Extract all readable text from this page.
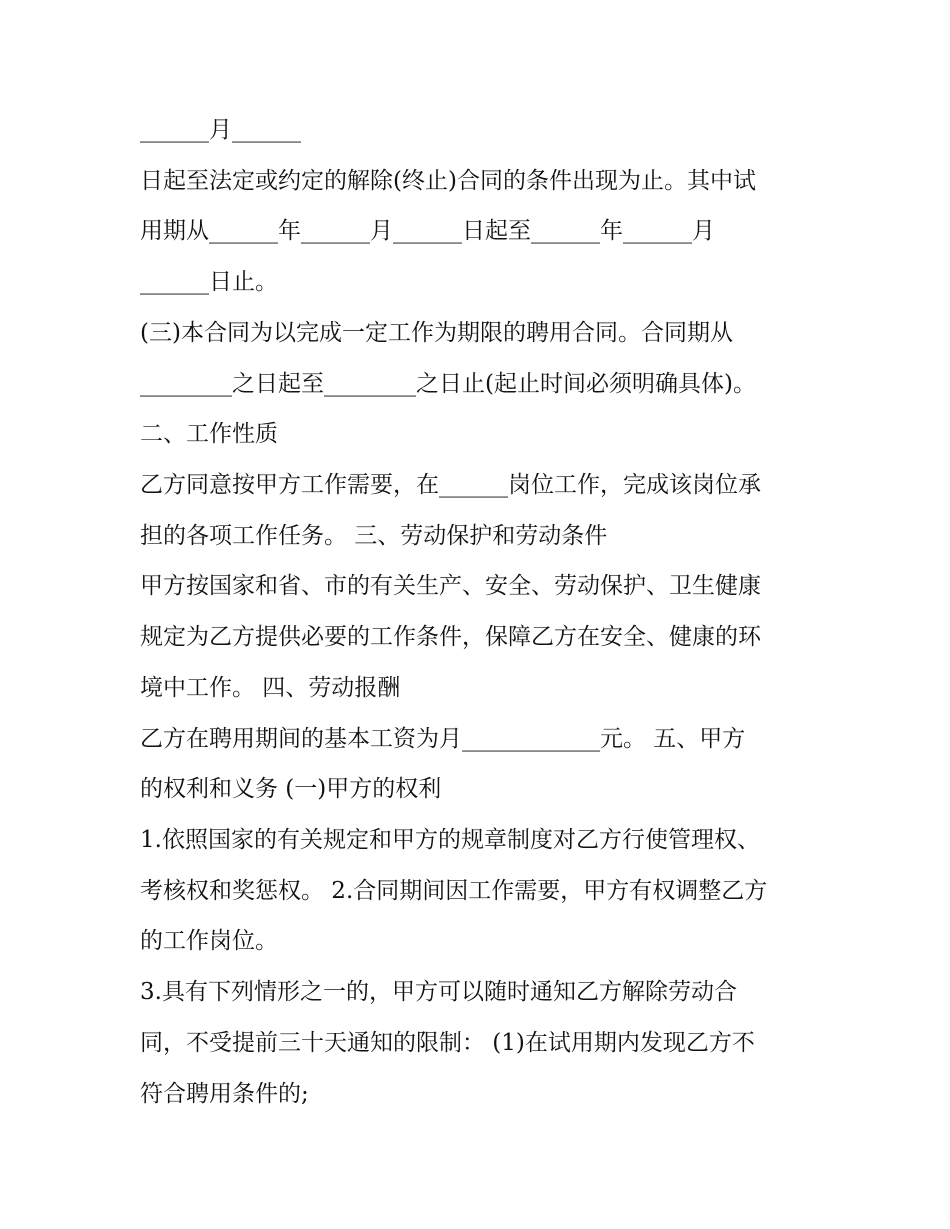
______月______
日起至法定或约定的解除(终止)合同的条件出现为止。其中试
用期从______年______月______日起至______年______月
______日止。
(三)本合同为以完成一定工作为期限的聘用合同。合同期从
________之日起至________之日止(起止时间必须明确具体)。
二、工作性质
乙方同意按甲方工作需要，在______岗位工作，完成该岗位承
担的各项工作任务。 三、劳动保护和劳动条件
甲方按国家和省、市的有关生产、安全、劳动保护、卫生健康
规定为乙方提供必要的工作条件，保障乙方在安全、健康的环
境中工作。 四、劳动报酬
乙方在聘用期间的基本工资为月____________元。 五、甲方
的权利和义务 (一)甲方的权利
1.依照国家的有关规定和甲方的规章制度对乙方行使管理权、
考核权和奖惩权。 2.合同期间因工作需要，甲方有权调整乙方
的工作岗位。
3.具有下列情形之一的，甲方可以随时通知乙方解除劳动合
同，不受提前三十天通知的限制： (1)在试用期内发现乙方不
符合聘用条件的;
